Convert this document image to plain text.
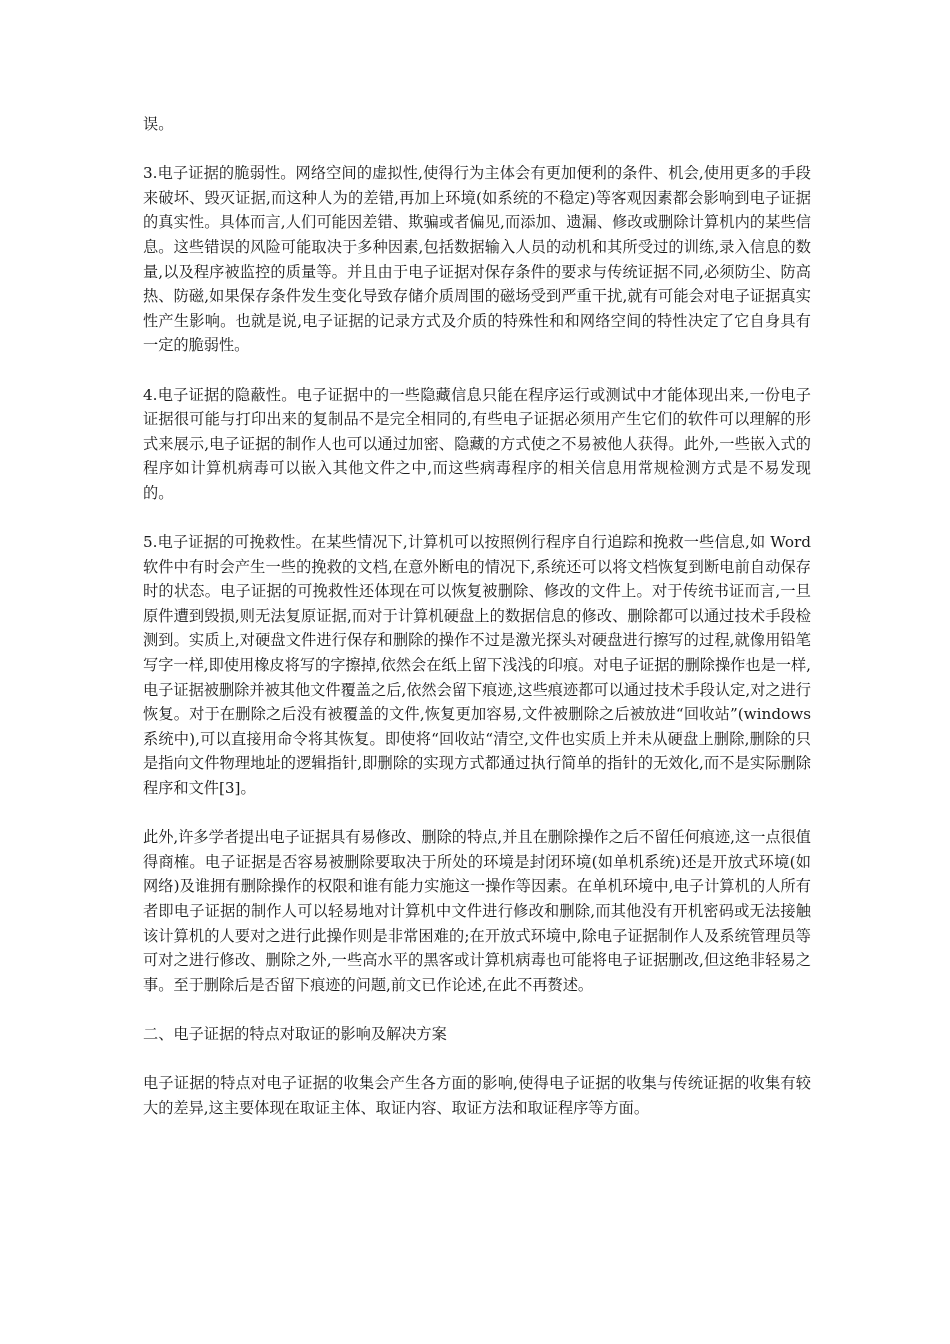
误。

3.电子证据的脆弱性。网络空间的虚拟性,使得行为主体会有更加便利的条件、机会,使用更多的手段来破坏、毁灭证据,而这种人为的差错,再加上环境(如系统的不稳定)等客观因素都会影响到电子证据的真实性。具体而言,人们可能因差错、欺骗或者偏见,而添加、遗漏、修改或删除计算机内的某些信息。这些错误的风险可能取决于多种因素,包括数据输入人员的动机和其所受过的训练,录入信息的数量,以及程序被监控的质量等。并且由于电子证据对保存条件的要求与传统证据不同,必须防尘、防高热、防磁,如果保存条件发生变化导致存储介质周围的磁场受到严重干扰,就有可能会对电子证据真实性产生影响。也就是说,电子证据的记录方式及介质的特殊性和和网络空间的特性决定了它自身具有一定的脆弱性。

4.电子证据的隐蔽性。电子证据中的一些隐藏信息只能在程序运行或测试中才能体现出来,一份电子证据很可能与打印出来的复制品不是完全相同的,有些电子证据必须用产生它们的软件可以理解的形式来展示,电子证据的制作人也可以通过加密、隐藏的方式使之不易被他人获得。此外,一些嵌入式的程序如计算机病毒可以嵌入其他文件之中,而这些病毒程序的相关信息用常规检测方式是不易发现的。

5.电子证据的可挽救性。在某些情况下,计算机可以按照例行程序自行追踪和挽救一些信息,如 Word 软件中有时会产生一些的挽救的文档,在意外断电的情况下,系统还可以将文档恢复到断电前自动保存时的状态。电子证据的可挽救性还体现在可以恢复被删除、修改的文件上。对于传统书证而言,一旦原件遭到毁损,则无法复原证据,而对于计算机硬盘上的数据信息的修改、删除都可以通过技术手段检测到。实质上,对硬盘文件进行保存和删除的操作不过是激光探头对硬盘进行擦写的过程,就像用铅笔写字一样,即使用橡皮将写的字擦掉,依然会在纸上留下浅浅的印痕。对电子证据的删除操作也是一样,电子证据被删除并被其他文件覆盖之后,依然会留下痕迹,这些痕迹都可以通过技术手段认定,对之进行恢复。对于在删除之后没有被覆盖的文件,恢复更加容易,文件被删除之后被放进“回收站”(windows 系统中),可以直接用命令将其恢复。即使将“回收站“清空,文件也实质上并未从硬盘上删除,删除的只是指向文件物理地址的逻辑指针,即删除的实现方式都通过执行简单的指针的无效化,而不是实际删除程序和文件[3]。

此外,许多学者提出电子证据具有易修改、删除的特点,并且在删除操作之后不留任何痕迹,这一点很值得商榷。电子证据是否容易被删除要取决于所处的环境是封闭环境(如单机系统)还是开放式环境(如网络)及谁拥有删除操作的权限和谁有能力实施这一操作等因素。在单机环境中,电子计算机的人所有者即电子证据的制作人可以轻易地对计算机中文件进行修改和删除,而其他没有开机密码或无法接触该计算机的人要对之进行此操作则是非常困难的;在开放式环境中,除电子证据制作人及系统管理员等可对之进行修改、删除之外,一些高水平的黑客或计算机病毒也可能将电子证据删改,但这绝非轻易之事。至于删除后是否留下痕迹的问题,前文已作论述,在此不再赘述。

二、电子证据的特点对取证的影响及解决方案

电子证据的特点对电子证据的收集会产生各方面的影响,使得电子证据的收集与传统证据的收集有较大的差异,这主要体现在取证主体、取证内容、取证方法和取证程序等方面。
